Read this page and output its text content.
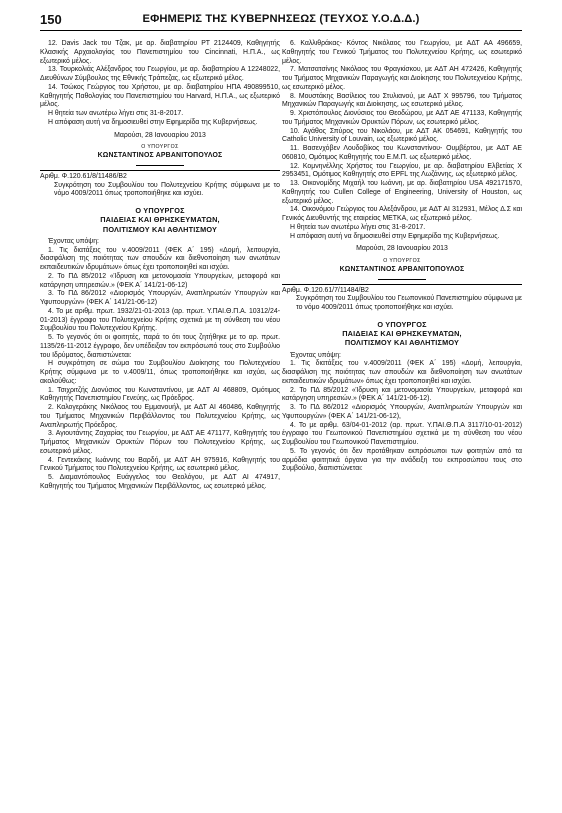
150	ΕΦΗΜΕΡΙΣ ΤΗΣ ΚΥΒΕΡΝΗΣΕΩΣ (ΤΕΥΧΟΣ Υ.Ο.Δ.Δ.)

12. Davis Jack του Τζακ, με αρ. διαβατηρίου PT 2124409, Καθηγητής Κλασικής Αρχαιολογίας του Πανεπιστημίου του Cincinnati, Η.Π.Α., ως εξωτερικό μέλος.

13. Τουρκολιάς Αλέξανδρος του Γεωργίου, με αρ. διαβατηρίου Α 12248022, Διευθύνων Σύμβουλος της Εθνικής Τράπεζας, ως εξωτερικό μέλος.

14. Τσώκος Γεώργιος του Χρήστου, με αρ. διαβατηρίου ΗΠΑ 490899510, Καθηγητής Παθολογίας του Πανεπιστημίου του Harvard, Η.Π.Α., ως εξωτερικό μέλος.

Η θητεία των ανωτέρω λήγει στις 31-8-2017.

Η απόφαση αυτή να δημοσιευθεί στην Εφημερίδα της Κυβερνήσεως.

Μαρούσι, 28 Ιανουαρίου 2013

Ο ΥΠΟΥΡΓΟΣ

ΚΩΝΣΤΑΝΤΙΝΟΣ ΑΡΒΑΝΙΤΟΠΟΥΛΟΣ

Αριθμ. Φ.120.61/8/11486/Β2

Συγκρότηση του Συμβουλίου του Πολυτεχνείου Κρήτης σύμφωνα με το νόμο 4009/2011 όπως τροποποιήθηκε και ισχύει.

Ο ΥΠΟΥΡΓΟΣ

ΠΑΙΔΕΙΑΣ ΚΑΙ ΘΡΗΣΚΕΥΜΑΤΩΝ,

ΠΟΛΙΤΙΣΜΟΥ ΚΑΙ ΑΘΛΗΤΙΣΜΟΥ

Έχοντας υπόψη:

1. Τις διατάξεις του ν.4009/2011 (ΦΕΚ Α΄ 195) «Δομή, λειτουργία, διασφάλιση της ποιότητας των σπουδών και διεθνοποίηση των ανωτάτων εκπαιδευτικών ιδρυμάτων» όπως έχει τροποποιηθεί και ισχύει.

2. Το ΠΔ 85/2012 «Ίδρυση και μετονομασία Υπουργείων, μεταφορά και κατάργηση υπηρεσιών.» (ΦΕΚ Α΄ 141/21-06-12)

3. Το ΠΔ 86/2012 «Διορισμός Υπουργών, Αναπληρωτών Υπουργών και Υφυπουργών» (ΦΕΚ Α΄ 141/21-06-12)

4. Το με αριθμ. πρωτ. 1932/21-01-2013 (αρ. πρωτ. Υ.ΠΑΙ.Θ.Π.Α. 10312/24-01-2013) έγγραφο του Πολυτεχνείου Κρήτης σχετικά με τη σύνθεση του νέου Συμβουλίου του Πολυτεχνείου Κρήτης.

5. Το γεγονός ότι οι φοιτητές, παρά το ότι τους ζητήθηκε με το αρ. πρωτ. 1135/26-11-2012 έγγραφο, δεν υπέδειξαν τον εκπρόσωπό τους στο Συμβούλιο του Ιδρύματος, διαπιστώνεται:

Η συγκρότηση σε σώμα του Συμβουλίου Διοίκησης του Πολυτεχνείου Κρήτης σύμφωνα με το ν.4009/11, όπως τροποποιήθηκε και ισχύει, ως ακολούθως:

1. Τσιχριτζής Διονύσιος του Κωνσταντίνου, με ΑΔΤ ΑΙ 468809, Ομότιμος Καθηγητής Πανεπιστημίου Γενεύης, ως Πρόεδρος.

2. Καλογεράκης Νικόλαος του Εμμανουήλ, με ΑΔΤ ΑΙ 460486, Καθηγητής του Τμήματος Μηχανικών Περιβάλλοντος του Πολυτεχνείου Κρήτης, ως Αναπληρωτής Πρόεδρος.

3. Αγιουτάντης Ζαχαρίας του Γεωργίου, με ΑΔΤ ΑΕ 471177, Καθηγητής του Τμήματος Μηχανικών Ορυκτών Πόρων του Πολυτεχνείου Κρήτης, ως εσωτερικό μέλος.

4. Γεντεκάκης Ιωάννης του Βαρδή, με ΑΔΤ ΑΗ 975916, Καθηγητής του Γενικού Τμήματος του Πολυτεχνείου Κρήτης, ως εσωτερικό μέλος.

5. Διαμαντόπουλος Ευάγγελος του Θεολόγου, με ΑΔΤ ΑΙ 474917, Καθηγητής του Τμήματος Μηχανικών Περιβάλλοντος, ως εσωτερικό μέλος.

6. Καλλιθράκας- Κόντος Νικόλαος του Γεωργίου, με ΑΔΤ ΑΑ 496659, Καθηγητής του Γενικού Τμήματος του Πολυτεχνείου Κρήτης, ως εσωτερικό μέλος.

7. Ματσατσίνης Νικόλαος του Φραγκίσκου, με ΑΔΤ ΑΗ 472426, Καθηγητής του Τμήματος Μηχανικών Παραγωγής και Διοίκησης του Πολυτεχνείου Κρήτης, ως εσωτερικό μέλος.

8. Μουστάκης Βασίλειος του Στυλιανού, με ΑΔΤ Χ 995796, του Τμήματος Μηχανικών Παραγωγής και Διοίκησης, ως εσωτερικό μέλος.

9. Χριστόπουλος Διονύσιος του Θεοδώρου, με ΑΔΤ ΑΕ 471133, Καθηγητής του Τμήματος Μηχανικών Ορυκτών Πόρων, ως εσωτερικό μέλος.

10. Αγάθος Σπύρος του Νικολάου, με ΑΔΤ ΑΚ 054691, Καθηγητής του Catholic University of Louvain, ως εξωτερικό μέλος.

11. Βασενχόβεν Λουδοβίκος του Κωνσταντίνου- Ουμβέρτου, με ΑΔΤ ΑΕ 060810, Ομότιμος Καθηγητής του Ε.Μ.Π. ως εξωτερικό μέλος.

12. Κομνηνέλλης Χρήστος του Γεωργίου, με αρ. διαβατηρίου Ελβετίας Χ 2953451, Ομότιμος Καθηγητής στο EPFL της Λωζάννης, ως εξωτερικό μέλος.

13. Οικονομίδης Μιχαήλ του Ιωάννη, με αρ. διαβατηρίου USA 492171570, Καθηγητής του Cullen College of Engineering, University of Houston, ως εξωτερικό μέλος.

14. Οικονόμου Γεώργιος του Αλεξάνδρου, με ΑΔΤ ΑΙ 312931, Μέλος Δ.Σ και Γενικός Διευθυντής της εταιρείας ΜΕΤΚΑ, ως εξωτερικό μέλος.

Η θητεία των ανωτέρω λήγει στις 31-8-2017.

Η απόφαση αυτή να δημοσιευθεί στην Εφημερίδα της Κυβερνήσεως.

Μαρούσι, 28 Ιανουαρίου 2013

Ο ΥΠΟΥΡΓΟΣ

ΚΩΝΣΤΑΝΤΙΝΟΣ ΑΡΒΑΝΙΤΟΠΟΥΛΟΣ

Αριθμ. Φ.120.61/7/11484/Β2

Συγκρότηση του Συμβουλίου του Γεωπονικού Πανεπιστημίου σύμφωνα με το νόμο 4009/2011 όπως τροποποιήθηκε και ισχύει.

Ο ΥΠΟΥΡΓΟΣ

ΠΑΙΔΕΙΑΣ ΚΑΙ ΘΡΗΣΚΕΥΜΑΤΩΝ,

ΠΟΛΙΤΙΣΜΟΥ ΚΑΙ ΑΘΛΗΤΙΣΜΟΥ

Έχοντας υπόψη:

1. Τις διατάξεις του ν.4009/2011 (ΦΕΚ Α΄ 195) «Δομή, λειτουργία, διασφάλιση της ποιότητας των σπουδών και διεθνοποίηση των ανωτάτων εκπαιδευτικών ιδρυμάτων» όπως έχει τροποποιηθεί και ισχύει.

2. Το ΠΔ 85/2012 «Ίδρυση και μετονομασία Υπουργείων, μεταφορά και κατάργηση υπηρεσιών.» (ΦΕΚ Α΄ 141/21-06-12).

3. Το ΠΔ 86/2012 «Διορισμός Υπουργών, Αναπληρωτών Υπουργών και Υφυπουργών» (ΦΕΚ Α΄ 141/21-06-12),

4. Το με αριθμ. 63/04-01-2012 (αρ. πρωτ. Υ.ΠΑΙ.Θ.Π.Α 3117/10-01-2012) έγγραφο του Γεωπονικού Πανεπιστημίου σχετικά με τη σύνθεση του νέου Συμβουλίου του Γεωπονικού Πανεπιστημίου.

5. Το γεγονός ότι δεν προτάθηκαν εκπρόσωποι των φοιτητών από τα αρμόδια φοιτητικά όργανα για την ανάδειξη του εκπροσώπου τους στο Συμβούλιο, διαπιστώνεται:
